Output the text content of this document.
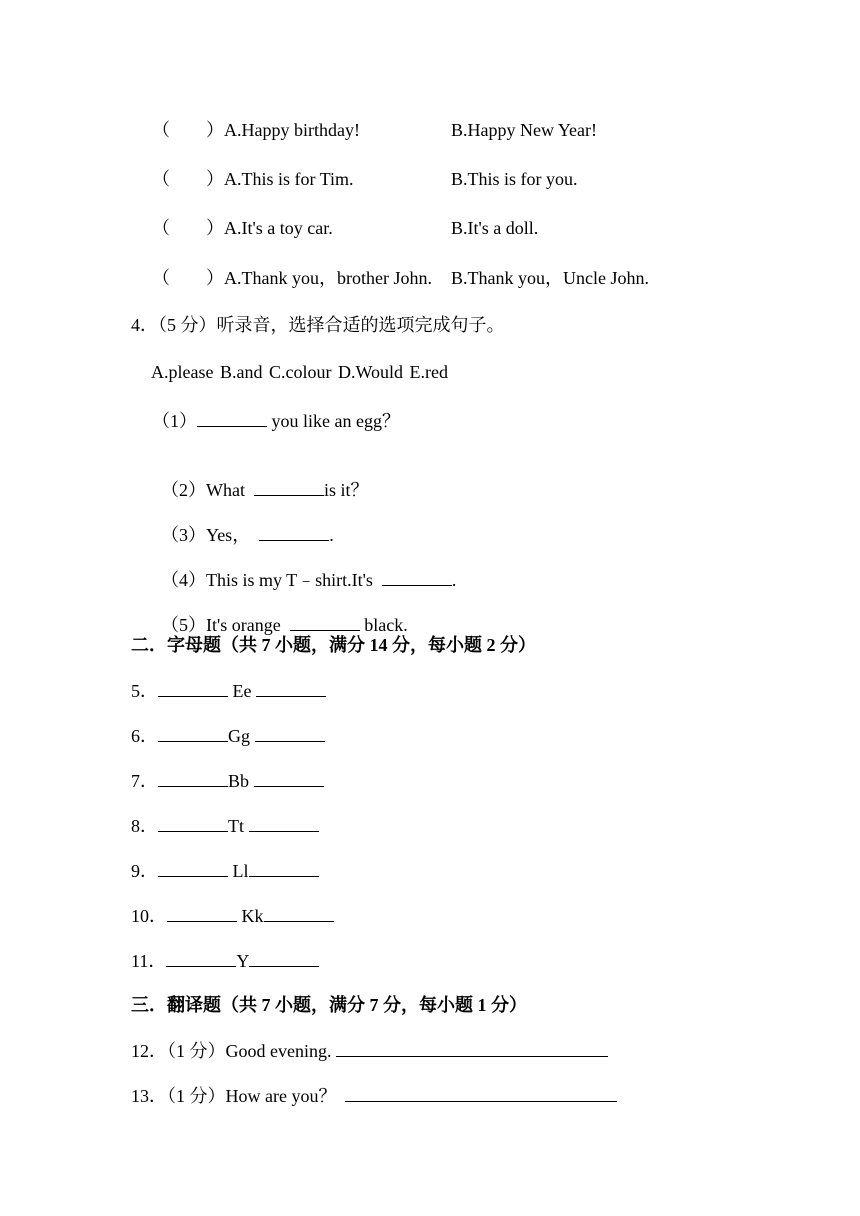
（　　）A.Happy birthday!	B.Happy New Year!
（　　）A.This is for Tim.	B.This is for you.
（　　）A.It's a toy car.	B.It's a doll.
（　　）A.Thank you，brother John. B.Thank you，Uncle John.
4．（5 分）听录音，选择合适的选项完成句子。
A.please B.and C.colour D.Would E.red
（1）	you like an egg？

（2）What	is it？

（3）Yes，	.

（4）This is my T﹣shirt.It's	.

（5）It's orange	black.

二．字母题（共 7 小题，满分 14 分，每小题 2 分）
5．	Ee
6．	Gg
7．	Bb
8．	Tt
9．	Ll
10．	Kk
11．	Y
三．翻译题（共 7 小题，满分 7 分，每小题 1 分）
12．（1 分）Good evening.
13．（1 分）How are you？
